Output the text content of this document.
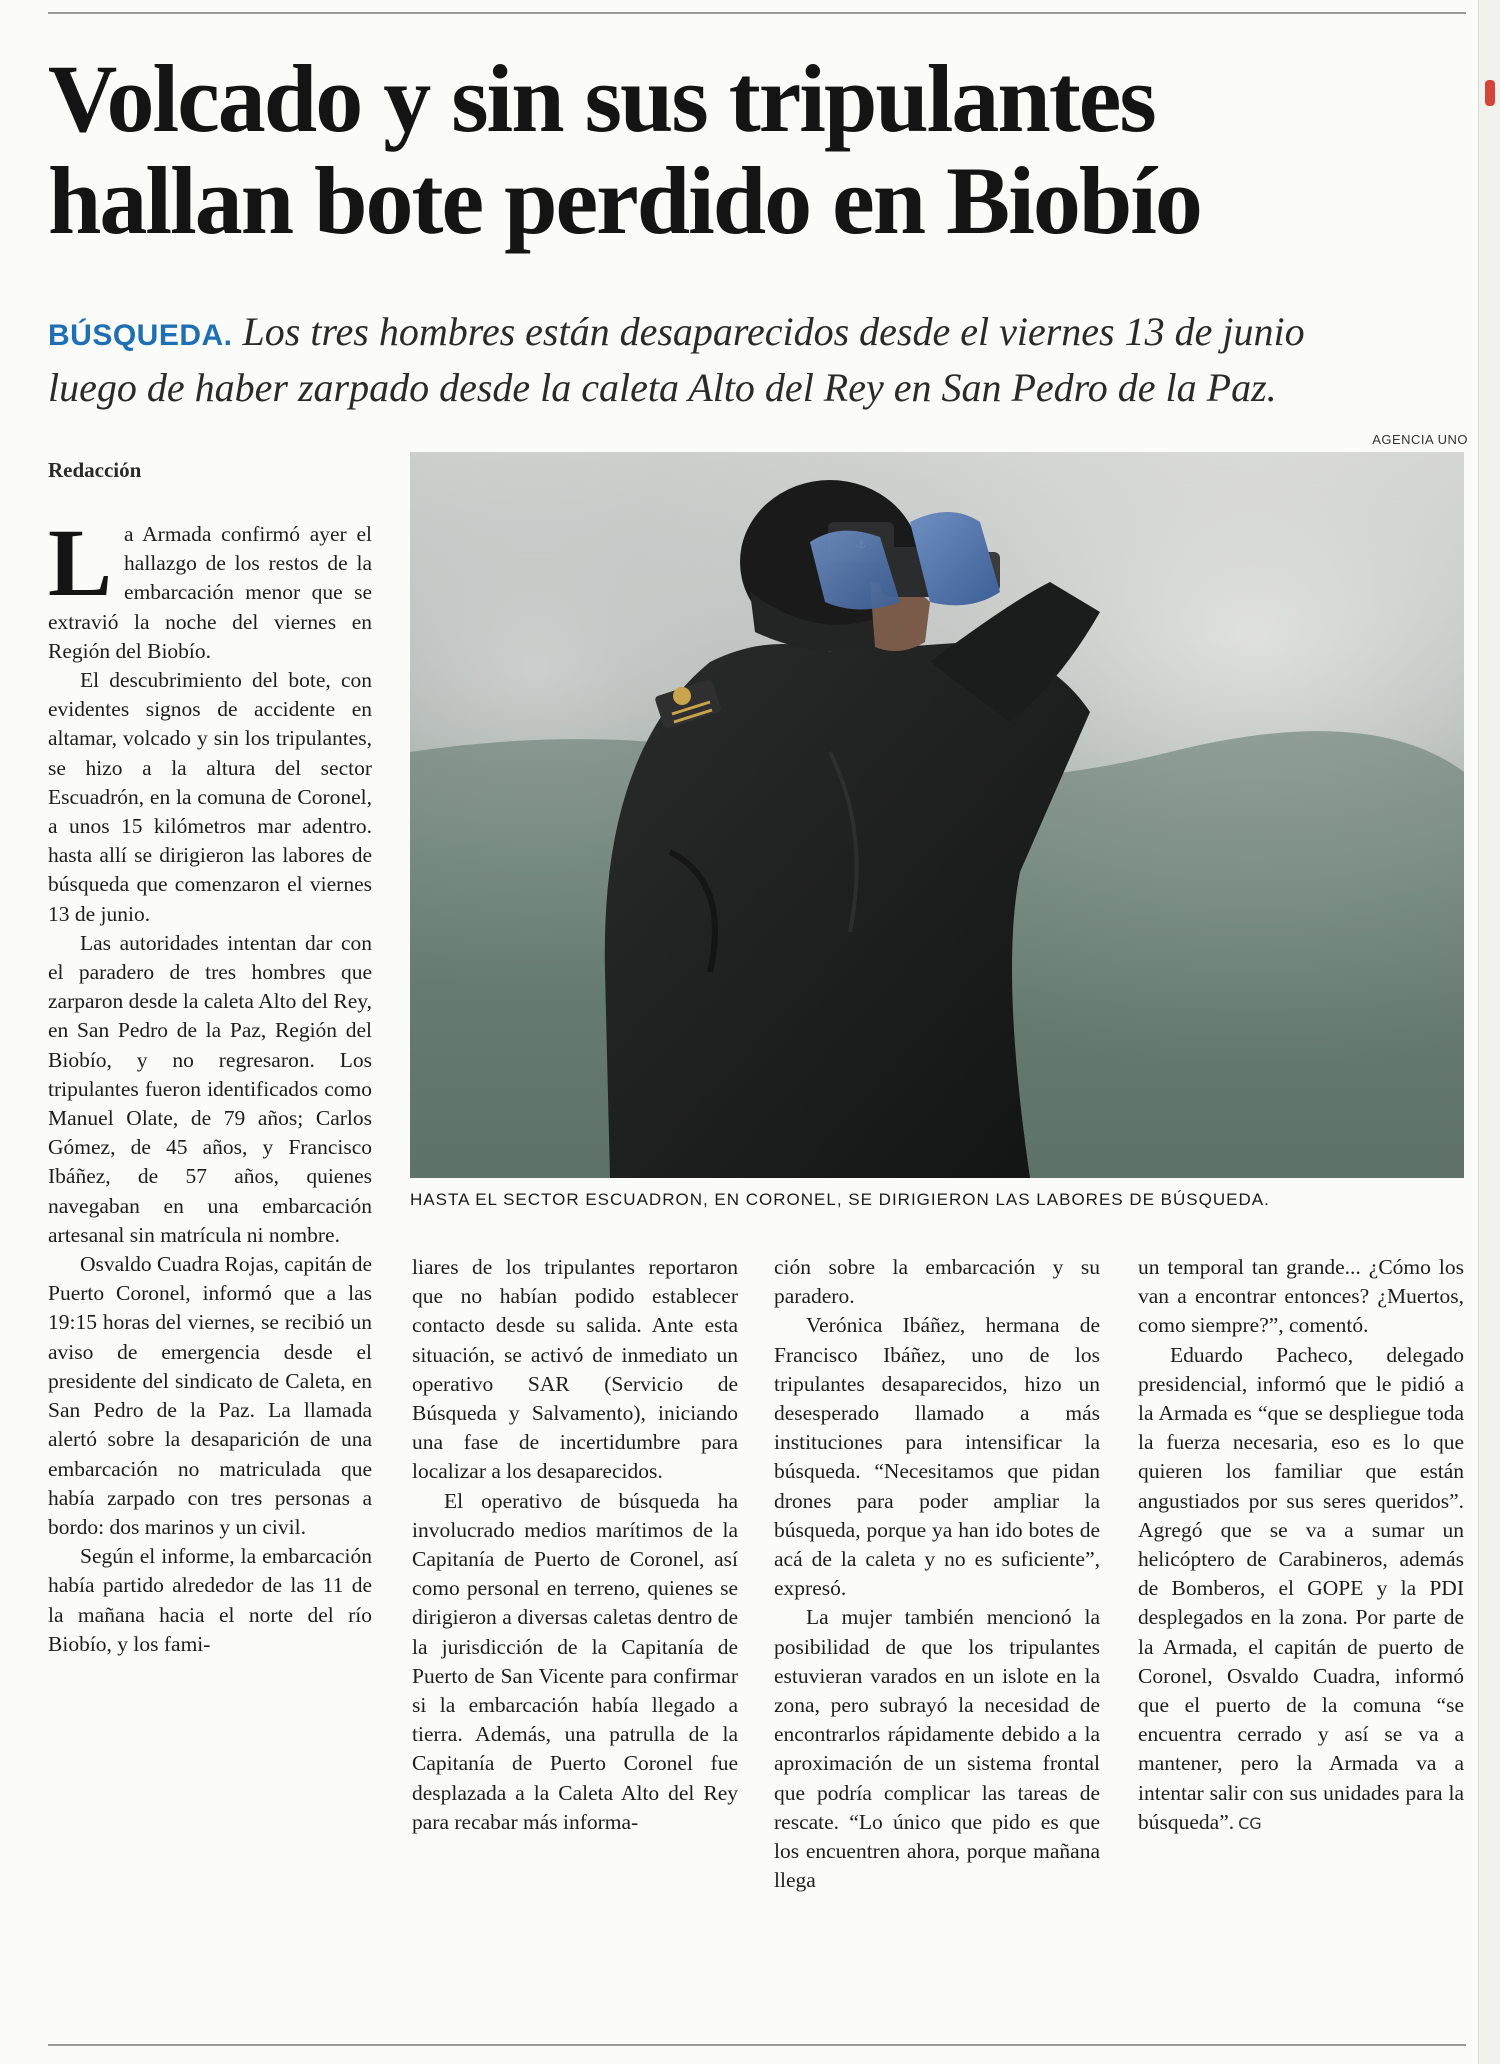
Volcado y sin sus tripulantes
hallan bote perdido en Biobío
BÚSQUEDA. Los tres hombres están desaparecidos desde el viernes 13 de junio
luego de haber zarpado desde la caleta Alto del Rey en San Pedro de la Paz.
AGENCIA UNO
HASTA EL SECTOR ESCUADRON, EN CORONEL, SE DIRIGIERON LAS LABORES DE BÚSQUEDA.
Redacción

La Armada confirmó ayer el hallazgo de los restos de la embarcación menor que se extravió la noche del viernes en Región del Biobío.

El descubrimiento del bote, con evidentes signos de accidente en altamar, volcado y sin los tripulantes, se hizo a la altura del sector Escuadrón, en la comuna de Coronel, a unos 15 kilómetros mar adentro. hasta allí se dirigieron las labores de búsqueda que comenzaron el viernes 13 de junio.

Las autoridades intentan dar con el paradero de tres hombres que zarparon desde la caleta Alto del Rey, en San Pedro de la Paz, Región del Biobío, y no regresaron. Los tripulantes fueron identificados como Manuel Olate, de 79 años; Carlos Gómez, de 45 años, y Francisco Ibáñez, de 57 años, quienes navegaban en una embarcación artesanal sin matrícula ni nombre.

Osvaldo Cuadra Rojas, capitán de Puerto Coronel, informó que a las 19:15 horas del viernes, se recibió un aviso de emergencia desde el presidente del sindicato de Caleta, en San Pedro de la Paz. La llamada alertó sobre la desaparición de una embarcación no matriculada que había zarpado con tres personas a bordo: dos marinos y un civil.

Según el informe, la embarcación había partido alrededor de las 11 de la mañana hacia el norte del río Biobío, y los fami-

liares de los tripulantes reportaron que no habían podido establecer contacto desde su salida. Ante esta situación, se activó de inmediato un operativo SAR (Servicio de Búsqueda y Salvamento), iniciando una fase de incertidumbre para localizar a los desaparecidos.

El operativo de búsqueda ha involucrado medios marítimos de la Capitanía de Puerto de Coronel, así como personal en terreno, quienes se dirigieron a diversas caletas dentro de la jurisdicción de la Capitanía de Puerto de San Vicente para confirmar si la embarcación había llegado a tierra. Además, una patrulla de la Capitanía de Puerto Coronel fue desplazada a la Caleta Alto del Rey para recabar más informa-

ción sobre la embarcación y su paradero.

Verónica Ibáñez, hermana de Francisco Ibáñez, uno de los tripulantes desaparecidos, hizo un desesperado llamado a más instituciones para intensificar la búsqueda. “Necesitamos que pidan drones para poder ampliar la búsqueda, porque ya han ido botes de acá de la caleta y no es suficiente”, expresó.

La mujer también mencionó la posibilidad de que los tripulantes estuvieran varados en un islote en la zona, pero subrayó la necesidad de encontrarlos rápidamente debido a la aproximación de un sistema frontal que podría complicar las tareas de rescate. “Lo único que pido es que los encuentren ahora, porque mañana llega

un temporal tan grande... ¿Cómo los van a encontrar entonces? ¿Muertos, como siempre?”, comentó.

Eduardo Pacheco, delegado presidencial, informó que le pidió a la Armada es “que se despliegue toda la fuerza necesaria, eso es lo que quieren los familiar que están angustiados por sus seres queridos”. Agregó que se va a sumar un helicóptero de Carabineros, además de Bomberos, el GOPE y la PDI desplegados en la zona. Por parte de la Armada, el capitán de puerto de Coronel, Osvaldo Cuadra, informó que el puerto de la comuna “se encuentra cerrado y así se va a mantener, pero la Armada va a intentar salir con sus unidades para la búsqueda”. CG
